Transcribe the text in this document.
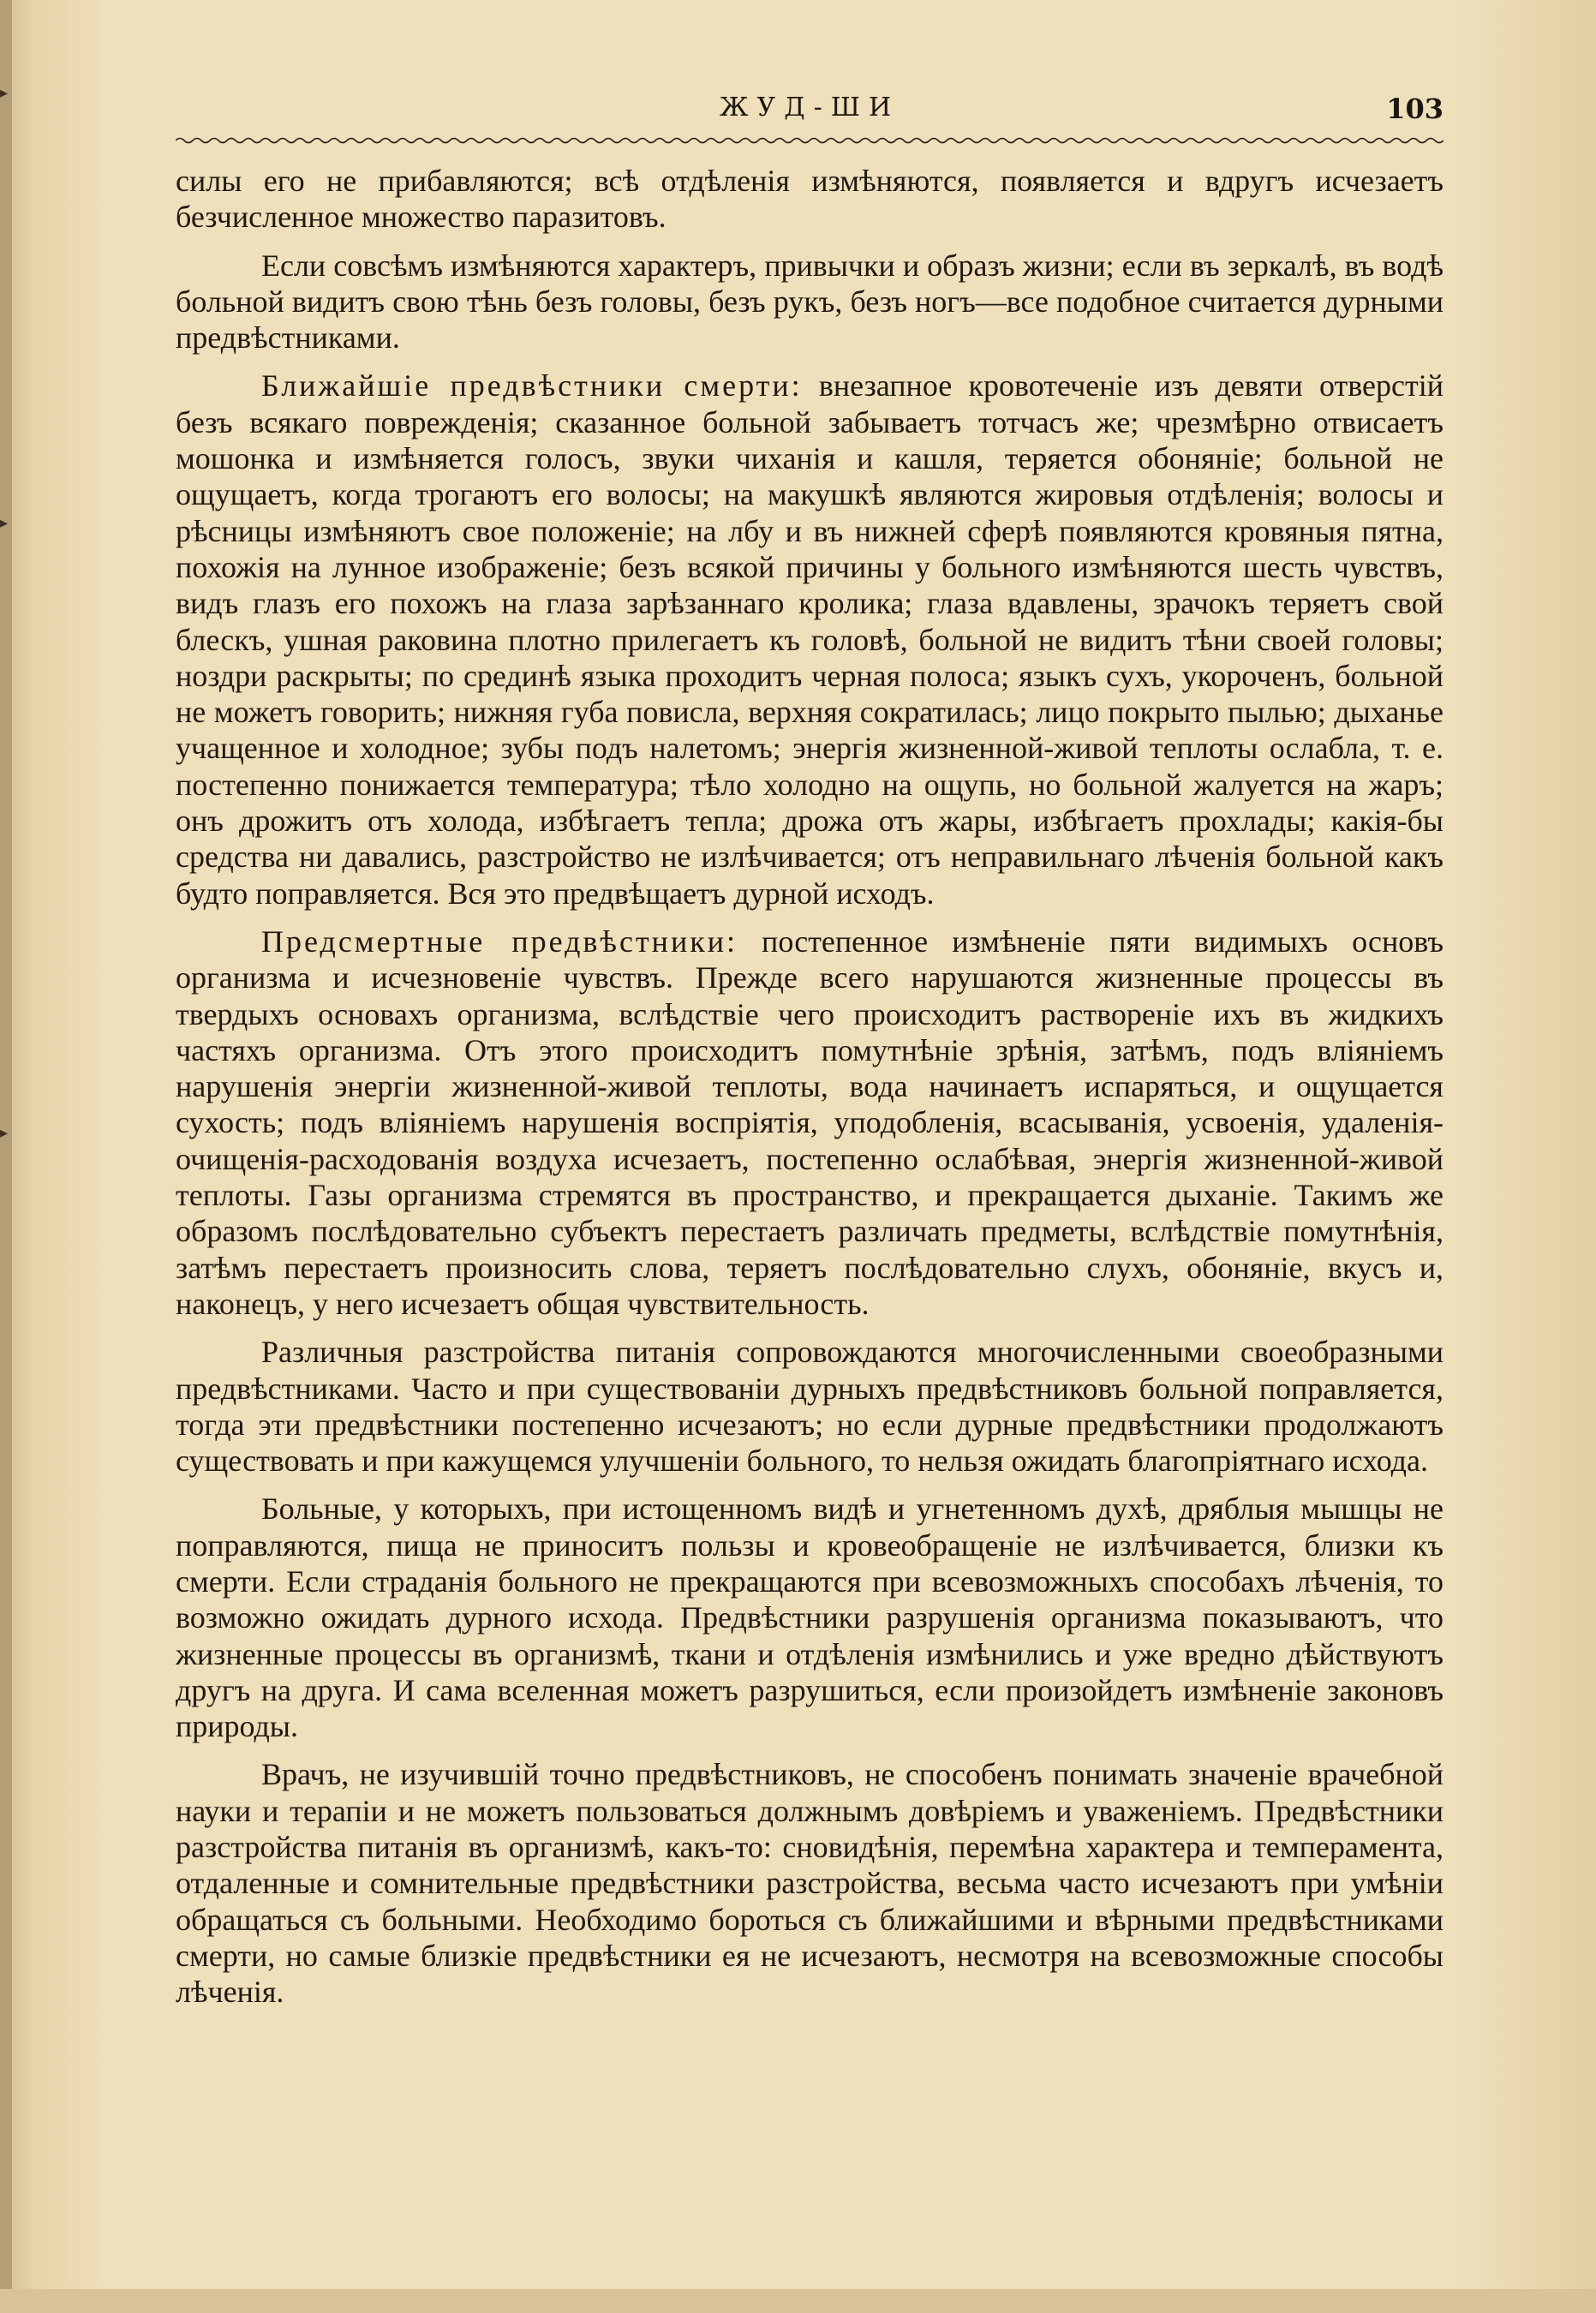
▸
▸
▸
ЖУД-ШИ	103

силы его не прибавляются; всѣ отдѣленія измѣняются, появляется и вдругъ исчезаетъ безчисленное множество паразитовъ.

Если совсѣмъ измѣняются характеръ, привычки и образъ жизни; если въ зеркалѣ, въ водѣ больной видитъ свою тѣнь безъ головы, безъ рукъ, безъ ногъ—все подобное считается дурными предвѣстниками.

Ближайшіе предвѣстники смерти: внезапное кровотеченіе изъ девяти отверстій безъ всякаго поврежденія; сказанное больной забываетъ тотчасъ же; чрезмѣрно отвисаетъ мошонка и измѣняется голосъ, звуки чиханія и кашля, теряется обоняніе; больной не ощущаетъ, когда трогаютъ его волосы; на макушкѣ являются жировыя отдѣленія; волосы и рѣсницы измѣняютъ свое положеніе; на лбу и въ нижней сферѣ появляются кровяныя пятна, похожія на лунное изображеніе; безъ всякой причины у больного измѣняются шесть чувствъ, видъ глазъ его похожъ на глаза зарѣзаннаго кролика; глаза вдавлены, зрачокъ теряетъ свой блескъ, ушная раковина плотно прилегаетъ къ головѣ, больной не видитъ тѣни своей головы; ноздри раскрыты; по срединѣ языка проходитъ черная полоса; языкъ сухъ, укороченъ, больной не можетъ говорить; нижняя губа повисла, верхняя сократилась; лицо покрыто пылью; дыханье учащенное и холодное; зубы подъ налетомъ; энергія жизненной-живой теплоты ослабла, т. е. постепенно понижается температура; тѣло холодно на ощупь, но больной жалуется на жаръ; онъ дрожитъ отъ холода, избѣгаетъ тепла; дрожа отъ жары, избѣгаетъ прохлады; какія-бы средства ни давались, разстройство не излѣчивается; отъ неправильнаго лѣченія больной какъ будто поправляется. Вся это предвѣщаетъ дурной исходъ.

Предсмертные предвѣстники: постепенное измѣненіе пяти видимыхъ основъ организма и исчезновеніе чувствъ. Прежде всего нарушаются жизненные процессы въ твердыхъ основахъ организма, вслѣдствіе чего происходитъ раствореніе ихъ въ жидкихъ частяхъ организма. Отъ этого происходитъ помутнѣніе зрѣнія, затѣмъ, подъ вліяніемъ нарушенія энергіи жизненной-живой теплоты, вода начинаетъ испаряться, и ощущается сухость; подъ вліяніемъ нарушенія воспріятія, уподобленія, всасыванія, усвоенія, удаленія-очищенія-расходованія воздуха исчезаетъ, постепенно ослабѣвая, энергія жизненной-живой теплоты. Газы организма стремятся въ пространство, и прекращается дыханіе. Такимъ же образомъ послѣдовательно субъектъ перестаетъ различать предметы, вслѣдствіе помутнѣнія, затѣмъ перестаетъ произносить слова, теряетъ послѣдовательно слухъ, обоняніе, вкусъ и, наконецъ, у него исчезаетъ общая чувствительность.

Различныя разстройства питанія сопровождаются многочисленными своеобразными предвѣстниками. Часто и при существованіи дурныхъ предвѣстниковъ больной поправляется, тогда эти предвѣстники постепенно исчезаютъ; но если дурные предвѣстники продолжаютъ существовать и при кажущемся улучшеніи больного, то нельзя ожидать благопріятнаго исхода.

Больные, у которыхъ, при истощенномъ видѣ и угнетенномъ духѣ, дряблыя мышцы не поправляются, пища не приноситъ пользы и кровеобращеніе не излѣчивается, близки къ смерти. Если страданія больного не прекращаются при всевозможныхъ способахъ лѣченія, то возможно ожидать дурного исхода. Предвѣстники разрушенія организма показываютъ, что жизненные процессы въ организмѣ, ткани и отдѣленія измѣнились и уже вредно дѣйствуютъ другъ на друга. И сама вселенная можетъ разрушиться, если произойдетъ измѣненіе законовъ природы.

Врачъ, не изучившій точно предвѣстниковъ, не способенъ понимать значеніе врачебной науки и терапіи и не можетъ пользоваться должнымъ довѣріемъ и уваженіемъ. Предвѣстники разстройства питанія въ организмѣ, какъ-то: сновидѣнія, перемѣна характера и темперамента, отдаленные и сомнительные предвѣстники разстройства, весьма часто исчезаютъ при умѣніи обращаться съ больными. Необходимо бороться съ ближайшими и вѣрными предвѣстниками смерти, но самые близкіе предвѣстники ея не исчезаютъ, несмотря на всевозможные способы лѣченія.
